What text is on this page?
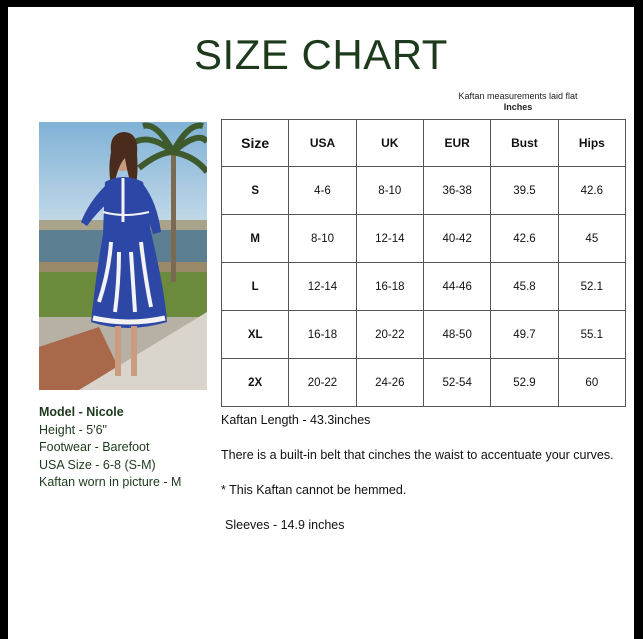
SIZE CHART
Kaftan measurements laid flat
Inches
Model - Nicole
Height - 5'6"
Footwear - Barefoot
USA Size - 6-8 (S-M)
Kaftan worn in picture - M
Size	USA	UK	EUR	Bust	Hips
S	4-6	8-10	36-38	39.5	42.6
M	8-10	12-14	40-42	42.6	45
L	12-14	16-18	44-46	45.8	52.1
XL	16-18	20-22	48-50	49.7	55.1
2X	20-22	24-26	52-54	52.9	60

Kaftan Length - 43.3inches

There is a built-in belt that cinches the waist to accentuate your curves.

* This Kaftan cannot be hemmed.

Sleeves - 14.9 inches
